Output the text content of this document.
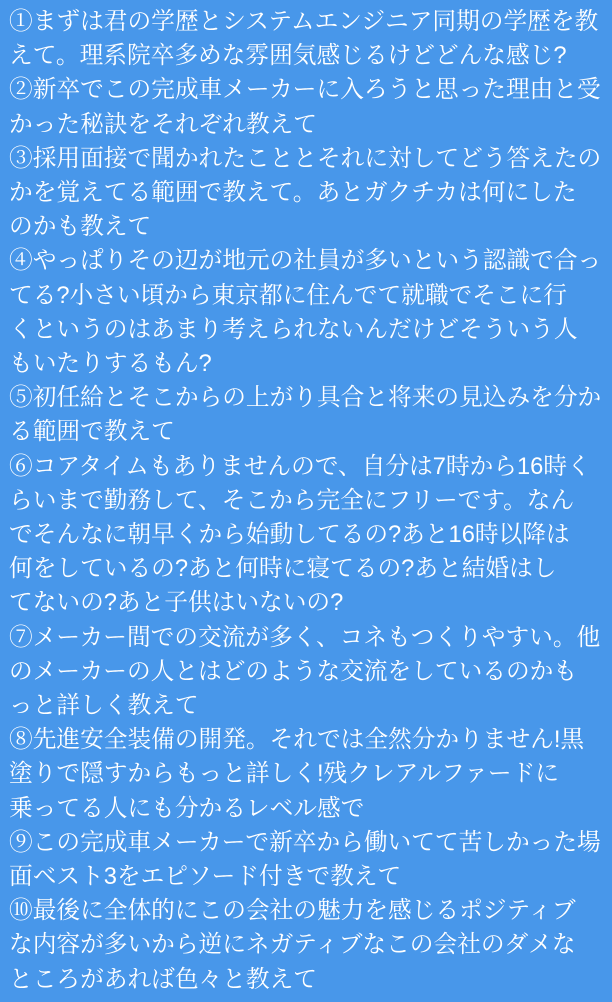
①まずは君の学歴とシステムエンジニア同期の学歴を教
えて。理系院卒多めな雰囲気感じるけどどんな感じ?
②新卒でこの完成車メーカーに入ろうと思った理由と受
かった秘訣をそれぞれ教えて
③採用面接で聞かれたこととそれに対してどう答えたの
かを覚えてる範囲で教えて。あとガクチカは何にした
のかも教えて
④やっぱりその辺が地元の社員が多いという認識で合っ
てる?小さい頃から東京都に住んでて就職でそこに行
くというのはあまり考えられないんだけどそういう人
もいたりするもん?
⑤初任給とそこからの上がり具合と将来の見込みを分か
る範囲で教えて
⑥コアタイムもありませんので、自分は7時から16時く
らいまで勤務して、そこから完全にフリーです。なん
でそんなに朝早くから始動してるの?あと16時以降は
何をしているの?あと何時に寝てるの?あと結婚はし
てないの?あと子供はいないの?
⑦メーカー間での交流が多く、コネもつくりやすい。他
のメーカーの人とはどのような交流をしているのかも
っと詳しく教えて
⑧先進安全装備の開発。それでは全然分かりません!黒
塗りで隠すからもっと詳しく!残クレアルファードに
乗ってる人にも分かるレベル感で
⑨この完成車メーカーで新卒から働いてて苦しかった場
面ベスト3をエピソード付きで教えて
⑩最後に全体的にこの会社の魅力を感じるポジティブ
な内容が多いから逆にネガティブなこの会社のダメな
ところがあれば色々と教えて
